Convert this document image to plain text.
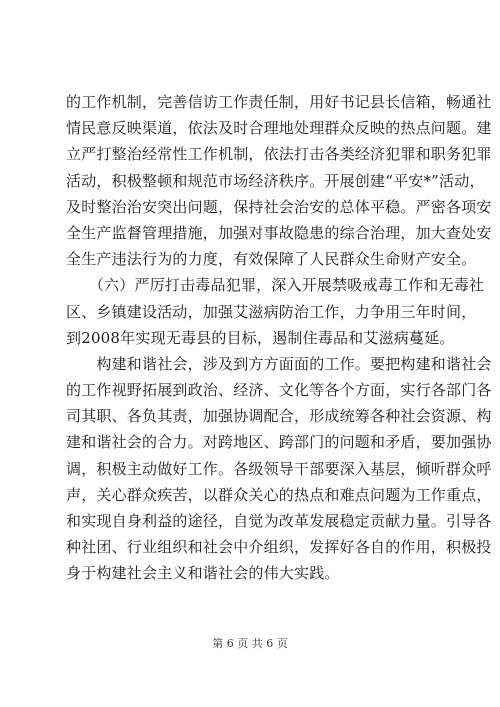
的工作机制，完善信访工作责任制，用好书记县长信箱，畅通社
情民意反映渠道，依法及时合理地处理群众反映的热点问题。建
立严打整治经常性工作机制，依法打击各类经济犯罪和职务犯罪
活动，积极整顿和规范市场经济秩序。开展创建“平安*”活动，
及时整治治安突出问题，保持社会治安的总体平稳。严密各项安
全生产监督管理措施，加强对事故隐患的综合治理，加大查处安
全生产违法行为的力度，有效保障了人民群众生命财产安全。
　　（六）严厉打击毒品犯罪，深入开展禁吸戒毒工作和无毒社
区、乡镇建设活动，加强艾滋病防治工作，力争用三年时间，
到2008年实现无毒县的目标，遏制住毒品和艾滋病蔓延。
　　构建和谐社会，涉及到方方面面的工作。要把构建和谐社会
的工作视野拓展到政治、经济、文化等各个方面，实行各部门各
司其职、各负其责，加强协调配合，形成统筹各种社会资源、构
建和谐社会的合力。对跨地区、跨部门的问题和矛盾，要加强协
调，积极主动做好工作。各级领导干部要深入基层，倾听群众呼
声，关心群众疾苦，以群众关心的热点和难点问题为工作重点，
和实现自身利益的途径，自觉为改革发展稳定贡献力量。引导各
种社团、行业组织和社会中介组织，发挥好各自的作用，积极投
身于构建社会主义和谐社会的伟大实践。
第 6 页 共 6 页
